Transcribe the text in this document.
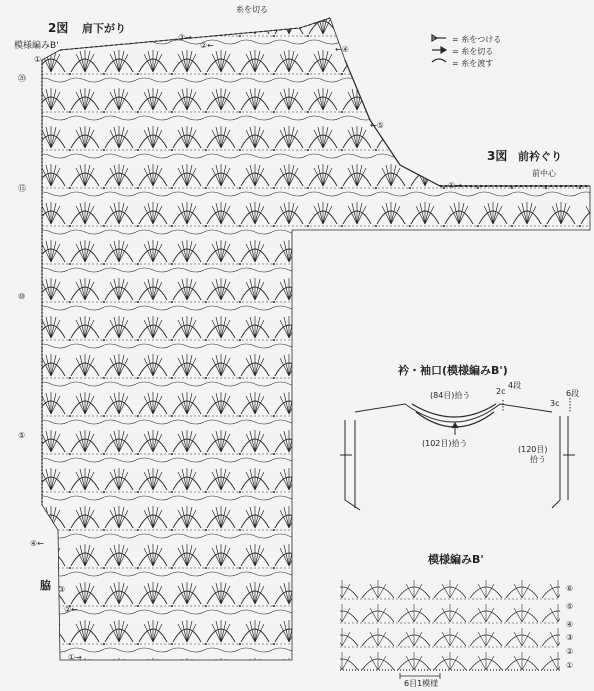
③→
②←	←④
←⑤
①→
④←
③
②←
①→
2図 肩下がり
模様編みB'
糸を切る
脇
3図 前衿ぐり
前中心
= 糸をつける
= 糸を切る
= 糸を渡す
衿・袖口(模様編みB')
(84目)拾う
(102目)拾う
(120目)
拾う
2c
4段
3c
6段
模様編みB'
6目1模様
⑳
⑮
⑩
⑤
①
⑥
⑤
④
③
②
①
